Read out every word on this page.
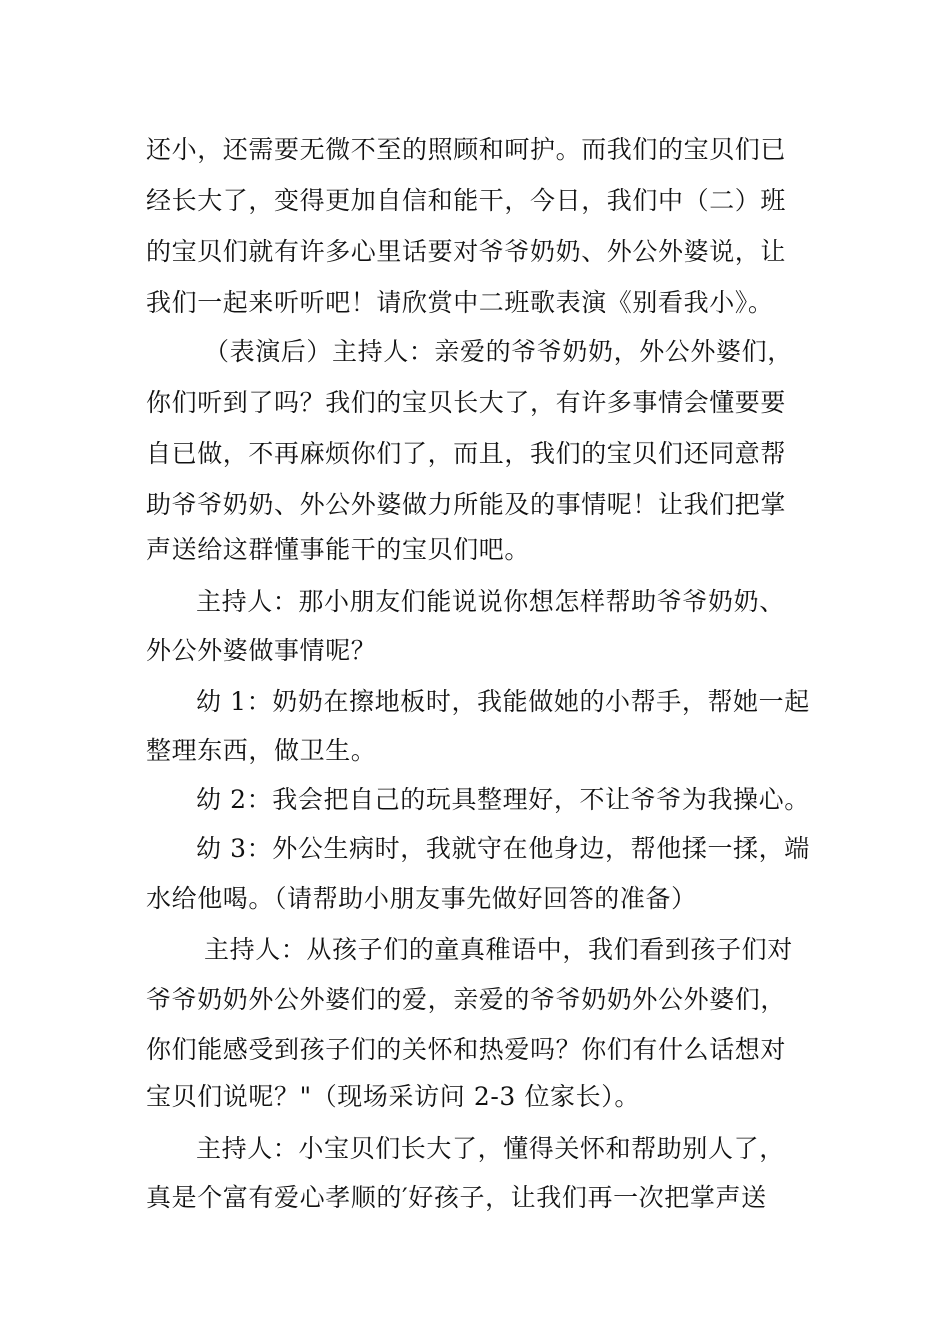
还小，还需要无微不至的照顾和呵护。而我们的宝贝们已
经长大了，变得更加自信和能干，今日，我们中（二）班
的宝贝们就有许多心里话要对爷爷奶奶、外公外婆说，让
我们一起来听听吧！请欣赏中二班歌表演《别看我小》。
（表演后）主持人：亲爱的爷爷奶奶，外公外婆们，
你们听到了吗？我们的宝贝长大了，有许多事情会懂要要
自已做，不再麻烦你们了，而且，我们的宝贝们还同意帮
助爷爷奶奶、外公外婆做力所能及的事情呢！让我们把掌
声送给这群懂事能干的宝贝们吧。
主持人：那小朋友们能说说你想怎样帮助爷爷奶奶、
外公外婆做事情呢？
幼 1：奶奶在擦地板时，我能做她的小帮手，帮她一起
整理东西，做卫生。
幼 2：我会把自己的玩具整理好，不让爷爷为我操心。
幼 3：外公生病时，我就守在他身边，帮他揉一揉，端
水给他喝。（请帮助小朋友事先做好回答的准备）
主持人：从孩子们的童真稚语中，我们看到孩子们对
爷爷奶奶外公外婆们的爱，亲爱的爷爷奶奶外公外婆们，
你们能感受到孩子们的关怀和热爱吗？你们有什么话想对
宝贝们说呢？"（现场采访问 2-3 位家长）。
主持人：小宝贝们长大了，懂得关怀和帮助别人了，
真是个富有爱心孝顺的′好孩子，让我们再一次把掌声送
